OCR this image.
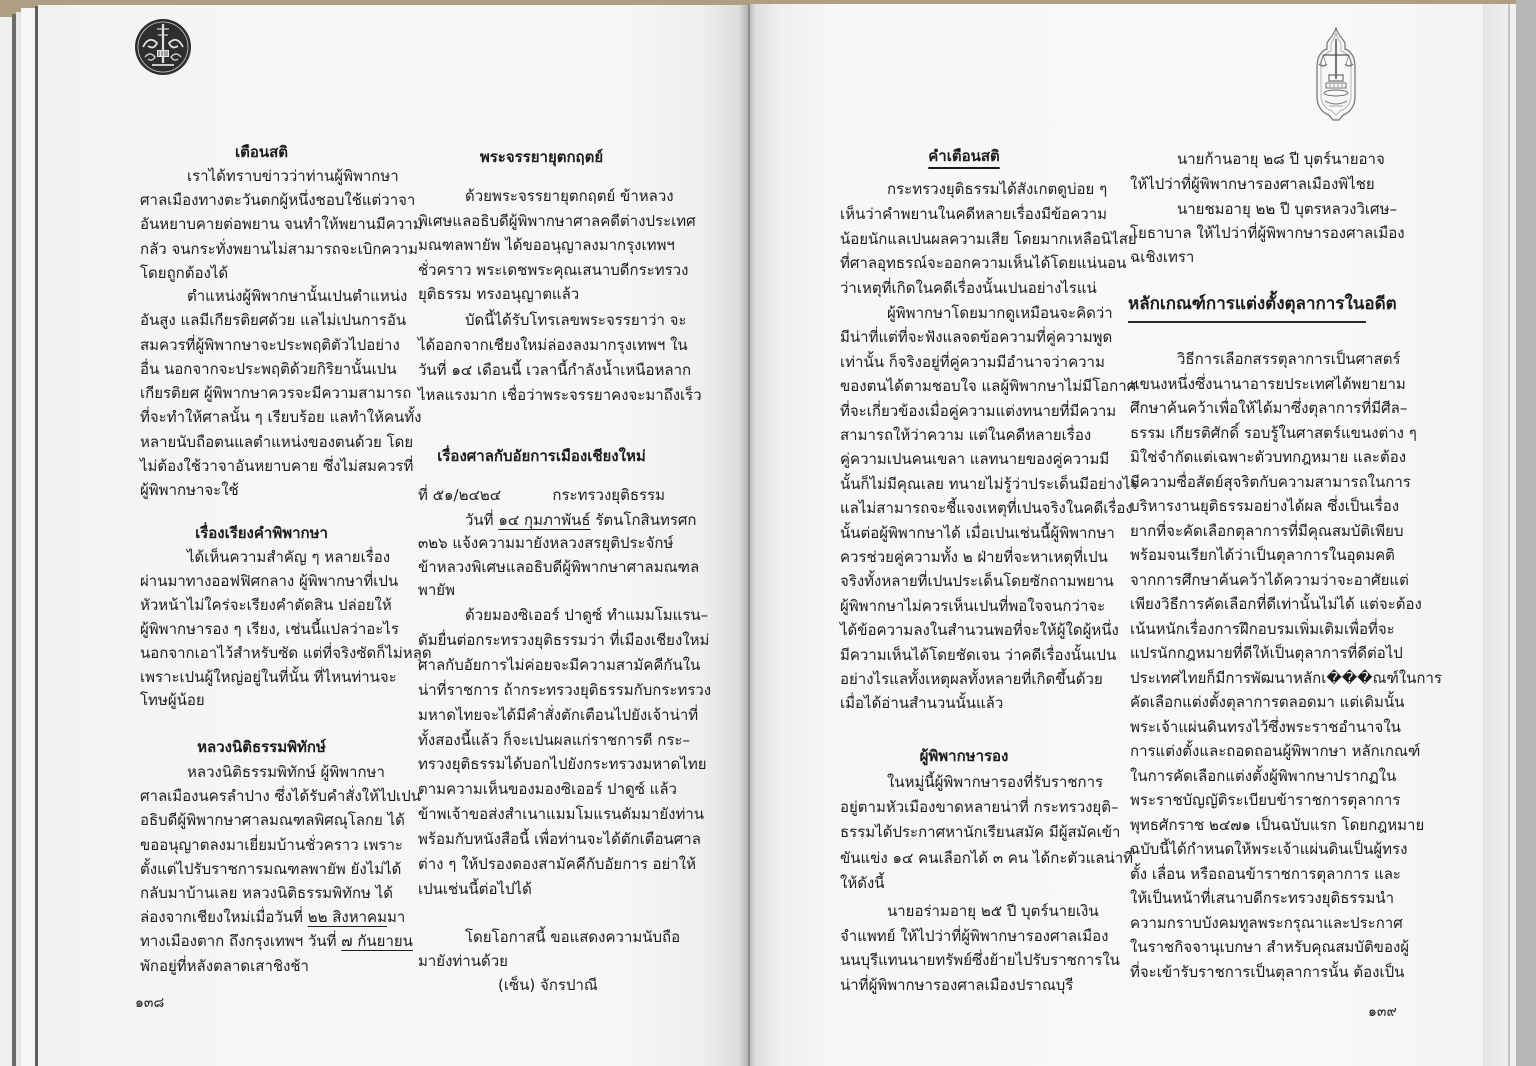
เตือนสติ
เราได้ทราบข่าวว่าท่านผู้พิพากษา
ศาลเมืองทางตะวันตกผู้หนึ่งชอบใช้แต่วาจา
อันหยาบคายต่อพยาน จนทำให้พยานมีความ
กลัว จนกระทั่งพยานไม่สามารถจะเบิกความ
โดยถูกต้องได้
ตำแหน่งผู้พิพากษานั้นเปนตำแหน่ง
อันสูง แลมีเกียรติยศด้วย แลไม่เปนการอัน
สมควรที่ผู้พิพากษาจะประพฤติตัวไปอย่าง
อื่น นอกจากจะประพฤติด้วยกิริยานั้นเปน
เกียรติยศ ผู้พิพากษาควรจะมีความสามารถ
ที่จะทำให้ศาลนั้น ๆ เรียบร้อย แลทำให้คนทั้ง
หลายนับถือตนแลตำแหน่งของตนด้วย โดย
ไม่ต้องใช้วาจาอันหยาบคาย ซึ่งไม่สมควรที่
ผู้พิพากษาจะใช้
เรื่องเรียงคำพิพากษา
ได้เห็นความสำคัญ ๆ หลายเรื่อง
ผ่านมาทางออฟฟิศกลาง ผู้พิพากษาที่เปน
หัวหน้าไม่ใคร่จะเรียงคำตัดสิน ปล่อยให้
ผู้พิพากษารอง ๆ เรียง, เช่นนี้แปลว่าอะไร
นอกจากเอาไว้สำหรับซัด แต่ที่จริงซัดก็ไม่หลุด
เพราะเปนผู้ใหญ่อยู่ในที่นั้น ที่ไหนท่านจะ
โทษผู้น้อย
หลวงนิติธรรมพิทักษ์
หลวงนิติธรรมพิทักษ์ ผู้พิพากษา
ศาลเมืองนครลำปาง ซึ่งได้รับคำสั่งให้ไปเปน
อธิบดีผู้พิพากษาศาลมณฑลพิศณุโลกย ได้
ขออนุญาตลงมาเยี่ยมบ้านชั่วคราว เพราะ
ตั้งแต่ไปรับราชการมณฑลพายัพ ยังไม่ได้
กลับมาบ้านเลย หลวงนิติธรรมพิทักษ ได้
ล่องจากเชียงใหม่เมื่อวันที่ ๒๒ สิงหาคมมา
ทางเมืองตาก ถึงกรุงเทพฯ วันที่ ๗ กันยายน
พักอยู่ที่หลังตลาดเสาชิงช้า
พระจรรยายุตกฤตย์
ด้วยพระจรรยายุตกฤตย์ ข้าหลวง
พิเศษแลอธิบดีผู้พิพากษาศาลคดีต่างประเทศ
มณฑลพายัพ ได้ขออนุญาลงมากรุงเทพฯ
ชั่วคราว พระเดชพระคุณเสนาบดีกระทรวง
ยุติธรรม ทรงอนุญาตแล้ว
บัดนี้ได้รับโทรเลขพระจรรยาว่า จะ
ได้ออกจากเชียงใหม่ล่องลงมากรุงเทพฯ ใน
วันที่ ๑๔ เดือนนี้ เวลานี้กำลังน้ำเหนือหลาก
ไหลแรงมาก เชื่อว่าพระจรรยาคงจะมาถึงเร็ว
เรื่องศาลกับอัยการเมืองเชียงใหม่
ที่ ๕๑/๒๔๒๔	กระทรวงยุติธรรม
วันที่ ๑๔ กุมภาพันธ์ รัตนโกสินทรศก
๓๒๖ แจ้งความมายังหลวงสรยุติประจักษ์
ข้าหลวงพิเศษแลอธิบดีผู้พิพากษาศาลมณฑล
พายัพ
ด้วยมองซิเออร์ ปาดูซ์ ทำแมมโมแรน–
ดัมยื่นต่อกระทรวงยุติธรรมว่า ที่เมืองเชียงใหม่
ศาลกับอัยการไม่ค่อยจะมีความสามัคคีกันใน
น่าที่ราชการ ถ้ากระทรวงยุติธรรมกับกระทรวง
มหาดไทยจะได้มีคำสั่งตักเตือนไปยังเจ้าน่าที่
ทั้งสองนี้แล้ว ก็จะเปนผลแก่ราชการดี กระ–
ทรวงยุติธรรมได้บอกไปยังกระทรวงมหาดไทย
ตามความเห็นของมองซิเออร์ ปาดูซ์ แล้ว
ข้าพเจ้าขอส่งสำเนาแมมโมแรนดัมมายังท่าน
พร้อมกับหนังสือนี้ เพื่อท่านจะได้ตักเตือนศาล
ต่าง ๆ ให้ปรองดองสามัคคีกับอัยการ อย่าให้
เปนเช่นนี้ต่อไปได้
โดยโอกาสนี้ ขอแสดงความนับถือ
มายังท่านด้วย
(เซ็น) จักรปาณี
๑๓๘
คำเตือนสติ
กระทรวงยุติธรรมได้สังเกตดูบ่อย ๆ
เห็นว่าคำพยานในคดีหลายเรื่องมีข้อความ
น้อยนักแลเปนผลความเสีย โดยมากเหลือนิไสย
ที่ศาลอุทธรณ์จะออกความเห็นได้โดยแน่นอน
ว่าเหตุที่เกิดในคดีเรื่องนั้นเปนอย่างไรแน่
ผู้พิพากษาโดยมากดูเหมือนจะคิดว่า
มีน่าที่แต่ที่จะฟังแลจดข้อความที่คู่ความพูด
เท่านั้น ก็จริงอยู่ที่คู่ความมีอำนาจว่าความ
ของตนได้ตามชอบใจ แลผู้พิพากษาไม่มีโอกาศ
ที่จะเกี่ยวข้องเมื่อคู่ความแต่งทนายที่มีความ
สามารถให้ว่าความ แต่ในคดีหลายเรื่อง
คู่ความเปนคนเขลา แลทนายของคู่ความมี
นั้นก็ไม่มีคุณเลย ทนายไม่รู้ว่าประเด็นมีอย่างไร
แลไม่สามารถจะชี้แจงเหตุที่เปนจริงในคดีเรื่อง
นั้นต่อผู้พิพากษาได้ เมื่อเปนเช่นนี้ผู้พิพากษา
ควรช่วยคู่ความทั้ง ๒ ฝ่ายที่จะหาเหตุที่เปน
จริงทั้งหลายที่เปนประเด็นโดยซักถามพยาน
ผู้พิพากษาไม่ควรเห็นเปนที่พอใจจนกว่าจะ
ได้ข้อความลงในสำนวนพอที่จะให้ผู้ใดผู้หนึ่ง
มีความเห็นได้โดยชัดเจน ว่าคดีเรื่องนั้นเปน
อย่างไรแลทั้งเหตุผลทั้งหลายที่เกิดขึ้นด้วย
เมื่อได้อ่านสำนวนนั้นแล้ว
ผู้พิพากษารอง
ในหมู่นี้ผู้พิพากษารองที่รับราชการ
อยู่ตามหัวเมืองขาดหลายน่าที่ กระทรวงยุติ–
ธรรมได้ประกาศหานักเรียนสมัค มีผู้สมัคเข้า
ขันแข่ง ๑๔ คนเลือกได้ ๓ คน ได้กะตัวแลน่าที่
ให้ดังนี้
นายอร่ามอายุ ๒๕ ปี บุตร์นายเงิน
จำแพทย์ ให้ไปว่าที่ผู้พิพากษารองศาลเมือง
นนบุรีแทนนายทรัพย์ซึ่งย้ายไปรับราชการใน
น่าที่ผู้พิพากษารองศาลเมืองปราณบุรี
นายก้านอายุ ๒๘ ปี บุตร์นายอาจ
ให้ไปว่าที่ผู้พิพากษารองศาลเมืองพิไชย
นายชมอายุ ๒๒ ปี บุตรหลวงวิเศษ–
โยธาบาล ให้ไปว่าที่ผู้พิพากษารองศาลเมือง
ฉเชิงเทรา
หลักเกณฑ์การแต่งตั้งตุลาการในอดีต
วิธีการเลือกสรรตุลาการเป็นศาสตร์
แขนงหนึ่งซึ่งนานาอารยประเทศได้พยายาม
ศึกษาค้นคว้าเพื่อให้ได้มาซึ่งตุลาการที่มีศีล–
ธรรม เกียรติศักดิ์ รอบรู้ในศาสตร์แขนงต่าง ๆ
มิใช่จำกัดแต่เฉพาะตัวบทกฎหมาย และต้อง
มีความซื่อสัตย์สุจริตกับความสามารถในการ
บริหารงานยุติธรรมอย่างได้ผล ซึ่งเป็นเรื่อง
ยากที่จะคัดเลือกตุลาการที่มีคุณสมบัติเพียบ
พร้อมจนเรียกได้ว่าเป็นตุลาการในอุดมคติ
จากการศึกษาค้นคว้าได้ความว่าจะอาศัยแต่
เพียงวิธีการคัดเลือกที่ดีเท่านั้นไม่ได้ แต่จะต้อง
เน้นหนักเรื่องการฝึกอบรมเพิ่มเติมเพื่อที่จะ
แปรนักกฎหมายที่ดีให้เป็นตุลาการที่ดีต่อไป
ประเทศไทยก็มีการพัฒนาหลักเ���ณฑ์ในการ
คัดเลือกแต่งตั้งตุลาการตลอดมา แต่เดิมนั้น
พระเจ้าแผ่นดินทรงไว้ซึ่งพระราชอำนาจใน
การแต่งตั้งและถอดถอนผู้พิพากษา หลักเกณฑ์
ในการคัดเลือกแต่งตั้งผู้พิพากษาปรากฏใน
พระราชบัญญัติระเบียบข้าราชการตุลาการ
พุทธศักราช ๒๔๗๑ เป็นฉบับแรก โดยกฎหมาย
ฉบับนี้ได้กำหนดให้พระเจ้าแผ่นดินเป็นผู้ทรง
ตั้ง เลื่อน หรือถอนข้าราชการตุลาการ และ
ให้เป็นหน้าที่เสนาบดีกระทรวงยุติธรรมนำ
ความกราบบังคมทูลพระกรุณาและประกาศ
ในราชกิจจานุเบกษา สำหรับคุณสมบัติของผู้
ที่จะเข้ารับราชการเป็นตุลาการนั้น ต้องเป็น
๑๓๙
